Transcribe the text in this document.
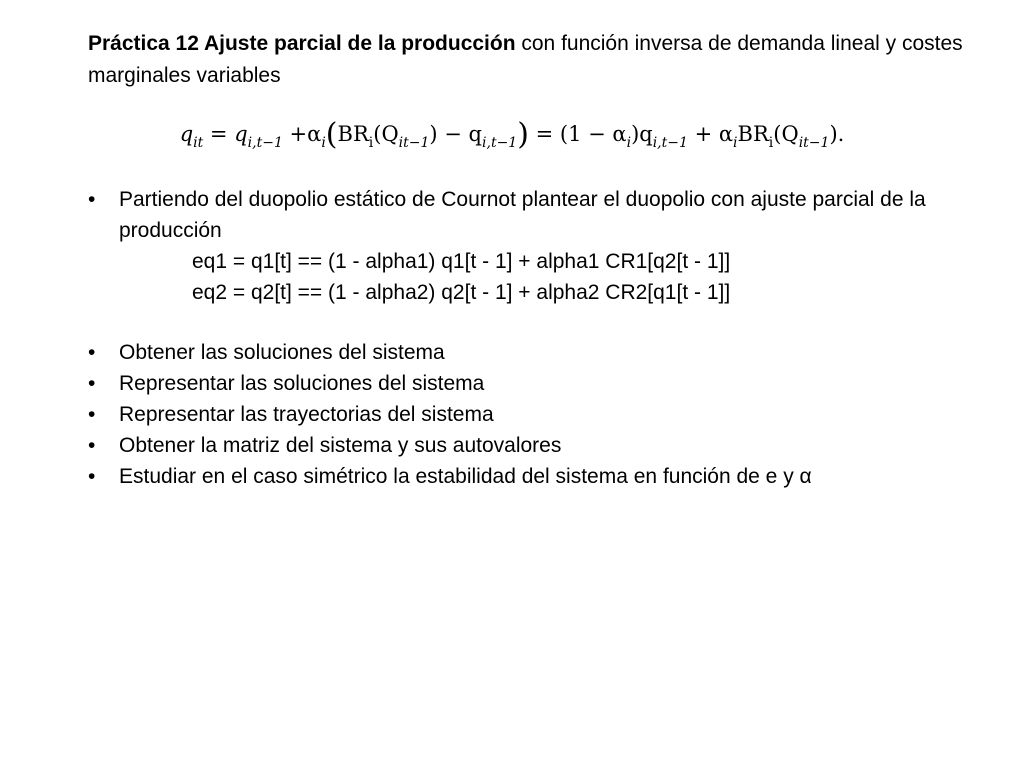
Práctica 12 Ajuste parcial de la producción con función inversa de demanda lineal y costes marginales variables
$q_{it} = q_{i,t-1} +\alpha_i(BR_i(Q_{it-1}) - q_{i,t-1}) = (1 - \alpha_i)q_{i,t-1} + \alpha_iBR_i(Q_{it-1})$.
• Partiendo del duopolio estático de Cournot plantear el duopolio con ajuste parcial de la producción
eq1 = q1[t] == (1 - alpha1) q1[t - 1] + alpha1 CR1[q2[t - 1]]
eq2 = q2[t] == (1 - alpha2) q2[t - 1] + alpha2 CR2[q1[t - 1]]
• Obtener las soluciones del sistema
• Representar las soluciones del sistema
• Representar las trayectorias del sistema
• Obtener la matriz del sistema y sus autovalores
• Estudiar en el caso simétrico la estabilidad del sistema en función de e y α
